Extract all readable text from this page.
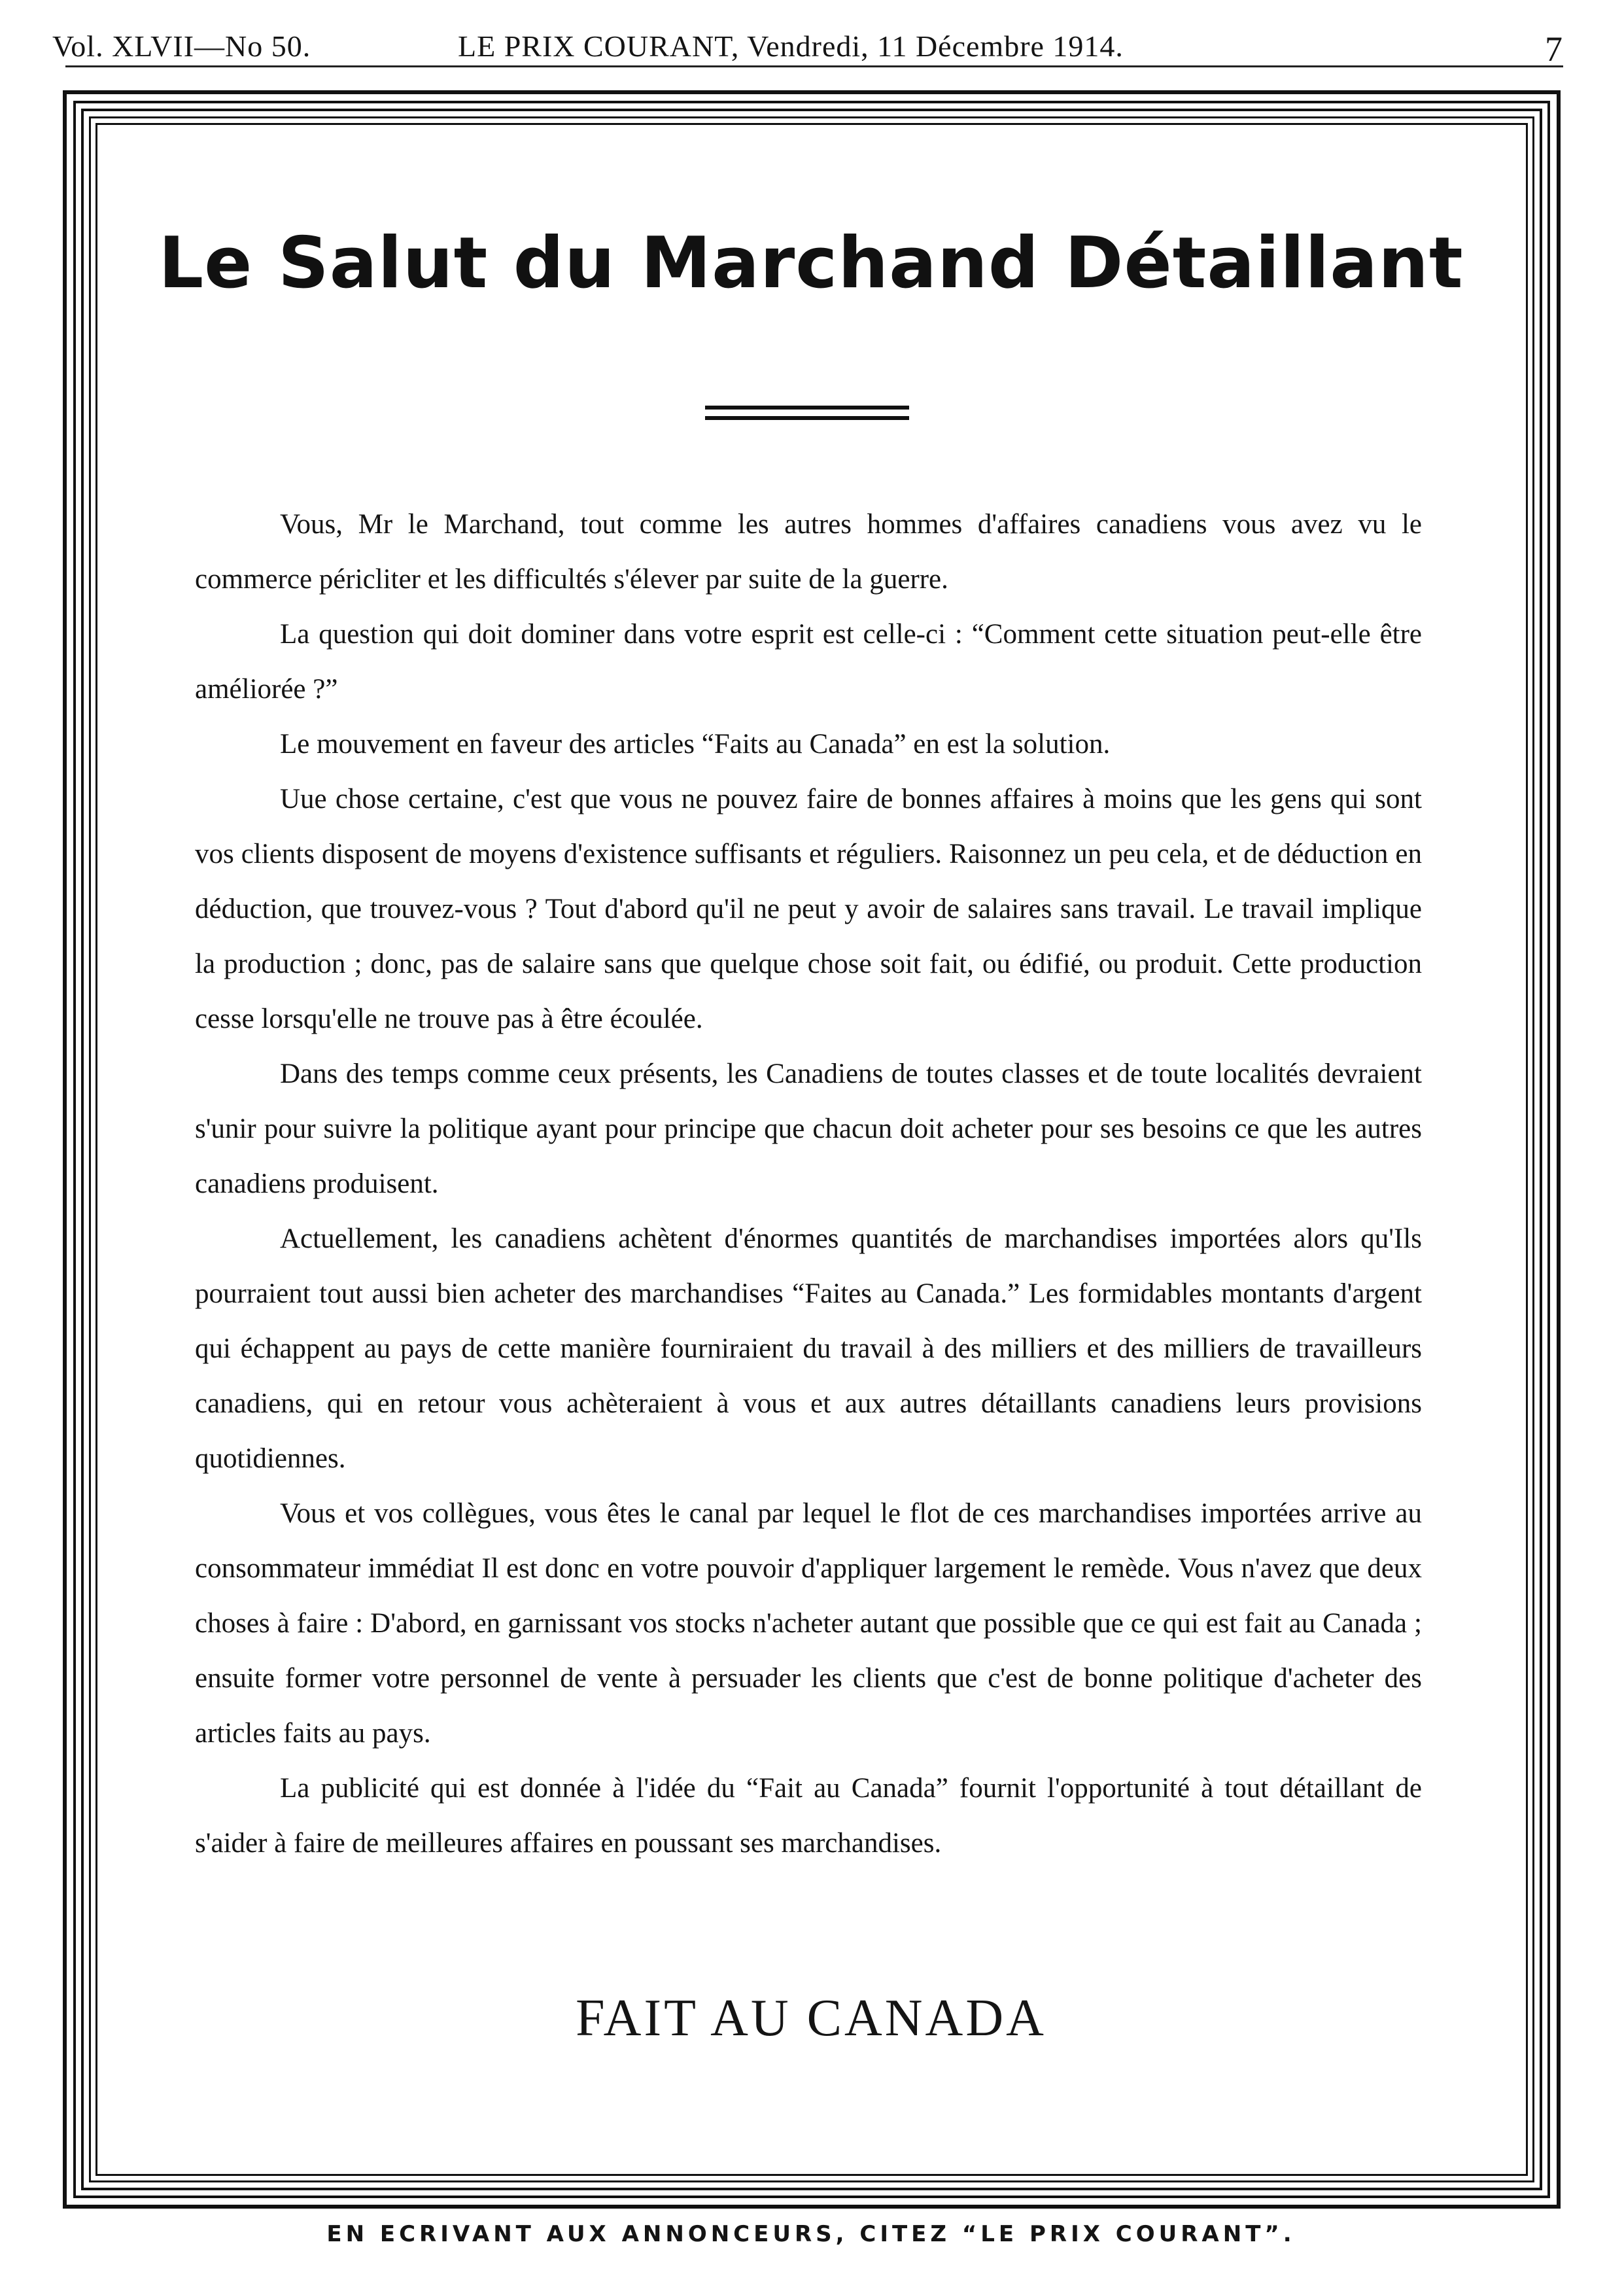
Vol. XLVII—No 50.	LE PRIX COURANT, Vendredi, 11 Décembre 1914.	7
Le Salut du Marchand Détaillant

Vous, Mr le Marchand, tout comme les autres hommes d'affaires canadiens vous avez vu le commerce péricliter et les difficultés s'élever par suite de la guerre.

La question qui doit dominer dans votre esprit est celle-ci : “Comment cette situation peut-elle être améliorée ?”

Le mouvement en faveur des articles “Faits au Canada” en est la solution.

Uue chose certaine, c'est que vous ne pouvez faire de bonnes affaires à moins que les gens qui sont vos clients disposent de moyens d'existence suffisants et réguliers. Raisonnez un peu cela, et de déduction en déduction, que trouvez-vous ? Tout d'abord qu'il ne peut y avoir de salaires sans travail. Le travail implique la production ; donc, pas de salaire sans que quelque chose soit fait, ou édifié, ou produit. Cette production cesse lorsqu'elle ne trouve pas à être écoulée.

Dans des temps comme ceux présents, les Canadiens de toutes classes et de toute localités devraient s'unir pour suivre la politique ayant pour principe que chacun doit acheter pour ses besoins ce que les autres canadiens produisent.

Actuellement, les canadiens achètent d'énormes quantités de marchandises importées alors qu'Ils pourraient tout aussi bien acheter des marchandises “Faites au Canada.” Les formidables montants d'argent qui échappent au pays de cette manière fourniraient du travail à des milliers et des milliers de travailleurs canadiens, qui en retour vous achèteraient à vous et aux autres détaillants canadiens leurs provisions quotidiennes.

Vous et vos collègues, vous êtes le canal par lequel le flot de ces marchandises importées arrive au consommateur immédiat Il est donc en votre pouvoir d'appliquer largement le remède. Vous n'avez que deux choses à faire : D'abord, en garnissant vos stocks n'acheter autant que possible que ce qui est fait au Canada ; ensuite former votre personnel de vente à persuader les clients que c'est de bonne politique d'acheter des articles faits au pays.

La publicité qui est donnée à l'idée du “Fait au Canada” fournit l'opportunité à tout détaillant de s'aider à faire de meilleures affaires en poussant ses marchandises.

FAIT AU CANADA
EN ECRIVANT AUX ANNONCEURS, CITEZ “LE PRIX COURANT”.
